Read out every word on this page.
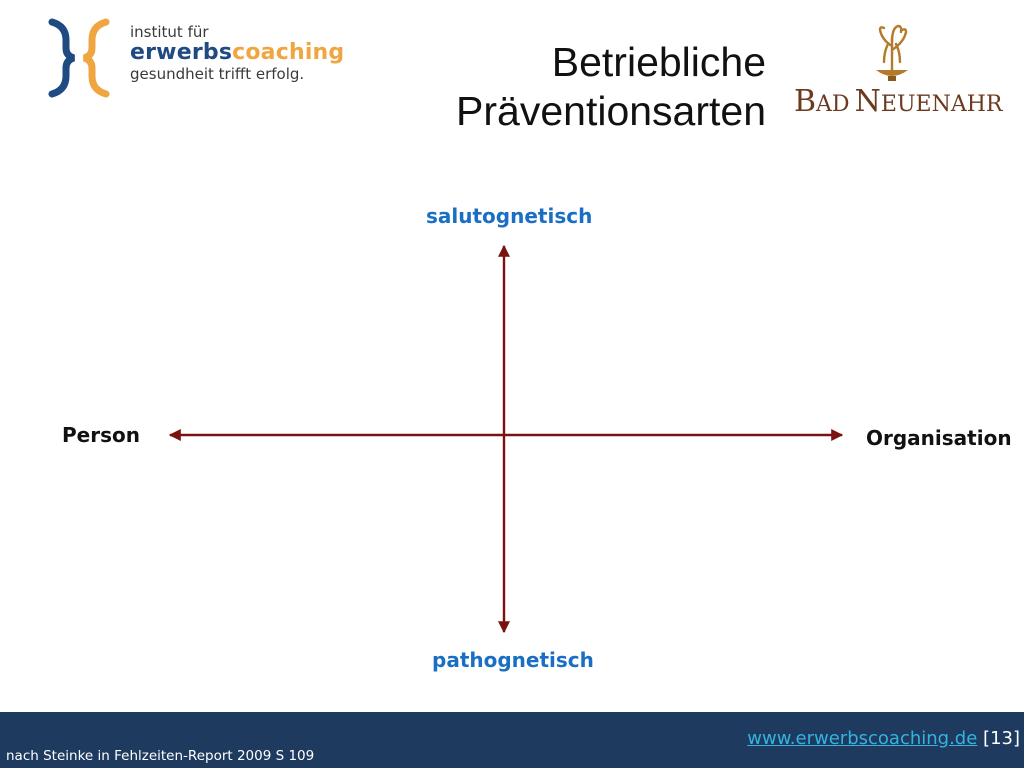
institut für
erwerbscoaching
gesundheit trifft erfolg.	Betriebliche
Präventionsarten BAD NEUENAHR
salutognetisch
pathognetisch
Person	Organisation
www.erwerbscoaching.de [13]
nach Steinke in Fehlzeiten-Report 2009 S 109
